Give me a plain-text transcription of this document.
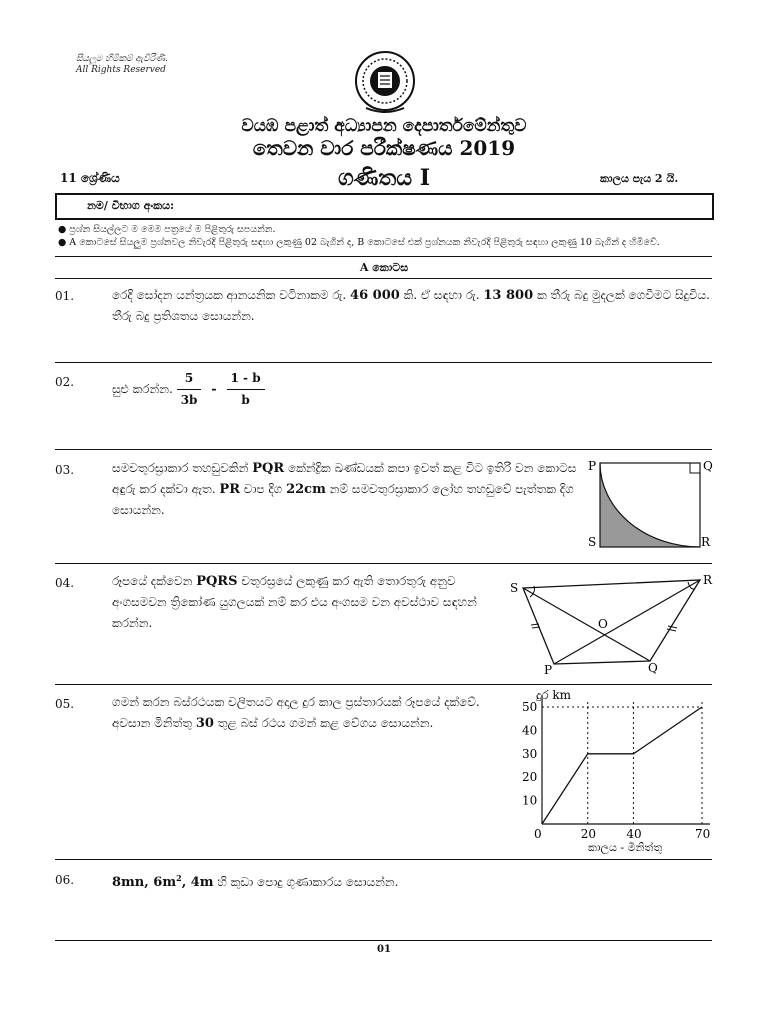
සියලුම හිමිකම් ඇවිරිණි.
All Rights Reserved
වයඹ පළාත් අධ්‍යාපන දෙපාර්තමේන්තුව
තෙවන වාර පරීක්ෂණය 2019
11 ශ්‍රේණිය	ගණිතය I	කාලය පැය 2 යි.
නම/ විභාග අංකය:
● ප්‍රශ්න සියල්ලට ම මෙම පත්‍රයේ ම පිළිතුරු සපයන්න.
● A කොටසේ සියලුම ප්‍රශ්නවල නිවැරදි පිළිතුරු සඳහා ලකුණු 02 බැගින් ද, B කොටසේ එක් ප්‍රශ්නයක නිවැරදි පිළිතුරු සඳහා ලකුණු 10 බැගින් ද හිමිවේ.
A කොටස
01.	රෙදි සෝදන යන්ත්‍රයක ආනයනික වටිනාකම රු. 46 000 කි. ඒ සඳහා රු. 13 800 ක තීරු බදු මුදලක් ගෙවීමට සිදුවිය. තීරු බදු ප්‍රතිශතය සොයන්න.
02.	සුළු කරන්න. $\frac{5}{3b} - \frac{1 - b}{b}$
03.	සමචතුරස්‍රාකාර තහඩුවකින් PQR කේන්ද්‍රික ඛණ්ඩයක් කපා ඉවත් කළ විට ඉතිරි වන කොටස අඳුරු කර දක්වා ඇත. PR චාප දිග 22cm නම් සමචතුරස්‍රාකාර ලෝහ තහඩුවේ පැත්තක දිග සොයන්න.
P	Q
R
S
04.	රූපයේ දක්වෙන PQRS චතුරස්‍රයේ ලකුණු කර ඇති තොරතුරු අනුව අංගසමවන ත්‍රිකෝණ යුගලයක් නම් කර එය අංගසම වන අවස්ථාව සඳහන් කරන්න.
S
R
O
P	Q
05.	ගමන් කරන බස්රථයක චලිතයට අදාල දුර කාල ප්‍රස්තාරයක් රූපයේ දක්වේ. අවසාන මිනිත්තු 30 තුළ බස් රථය ගමන් කළ වේගය සොයන්න.
10
20
30
40
50
0	20	40	70
දුර km
කාලය - මිනිත්තු
06.	8mn, $6m^2$, 4m හි කුඩා පොදු ගුණාකාරය සොයන්න.
01
